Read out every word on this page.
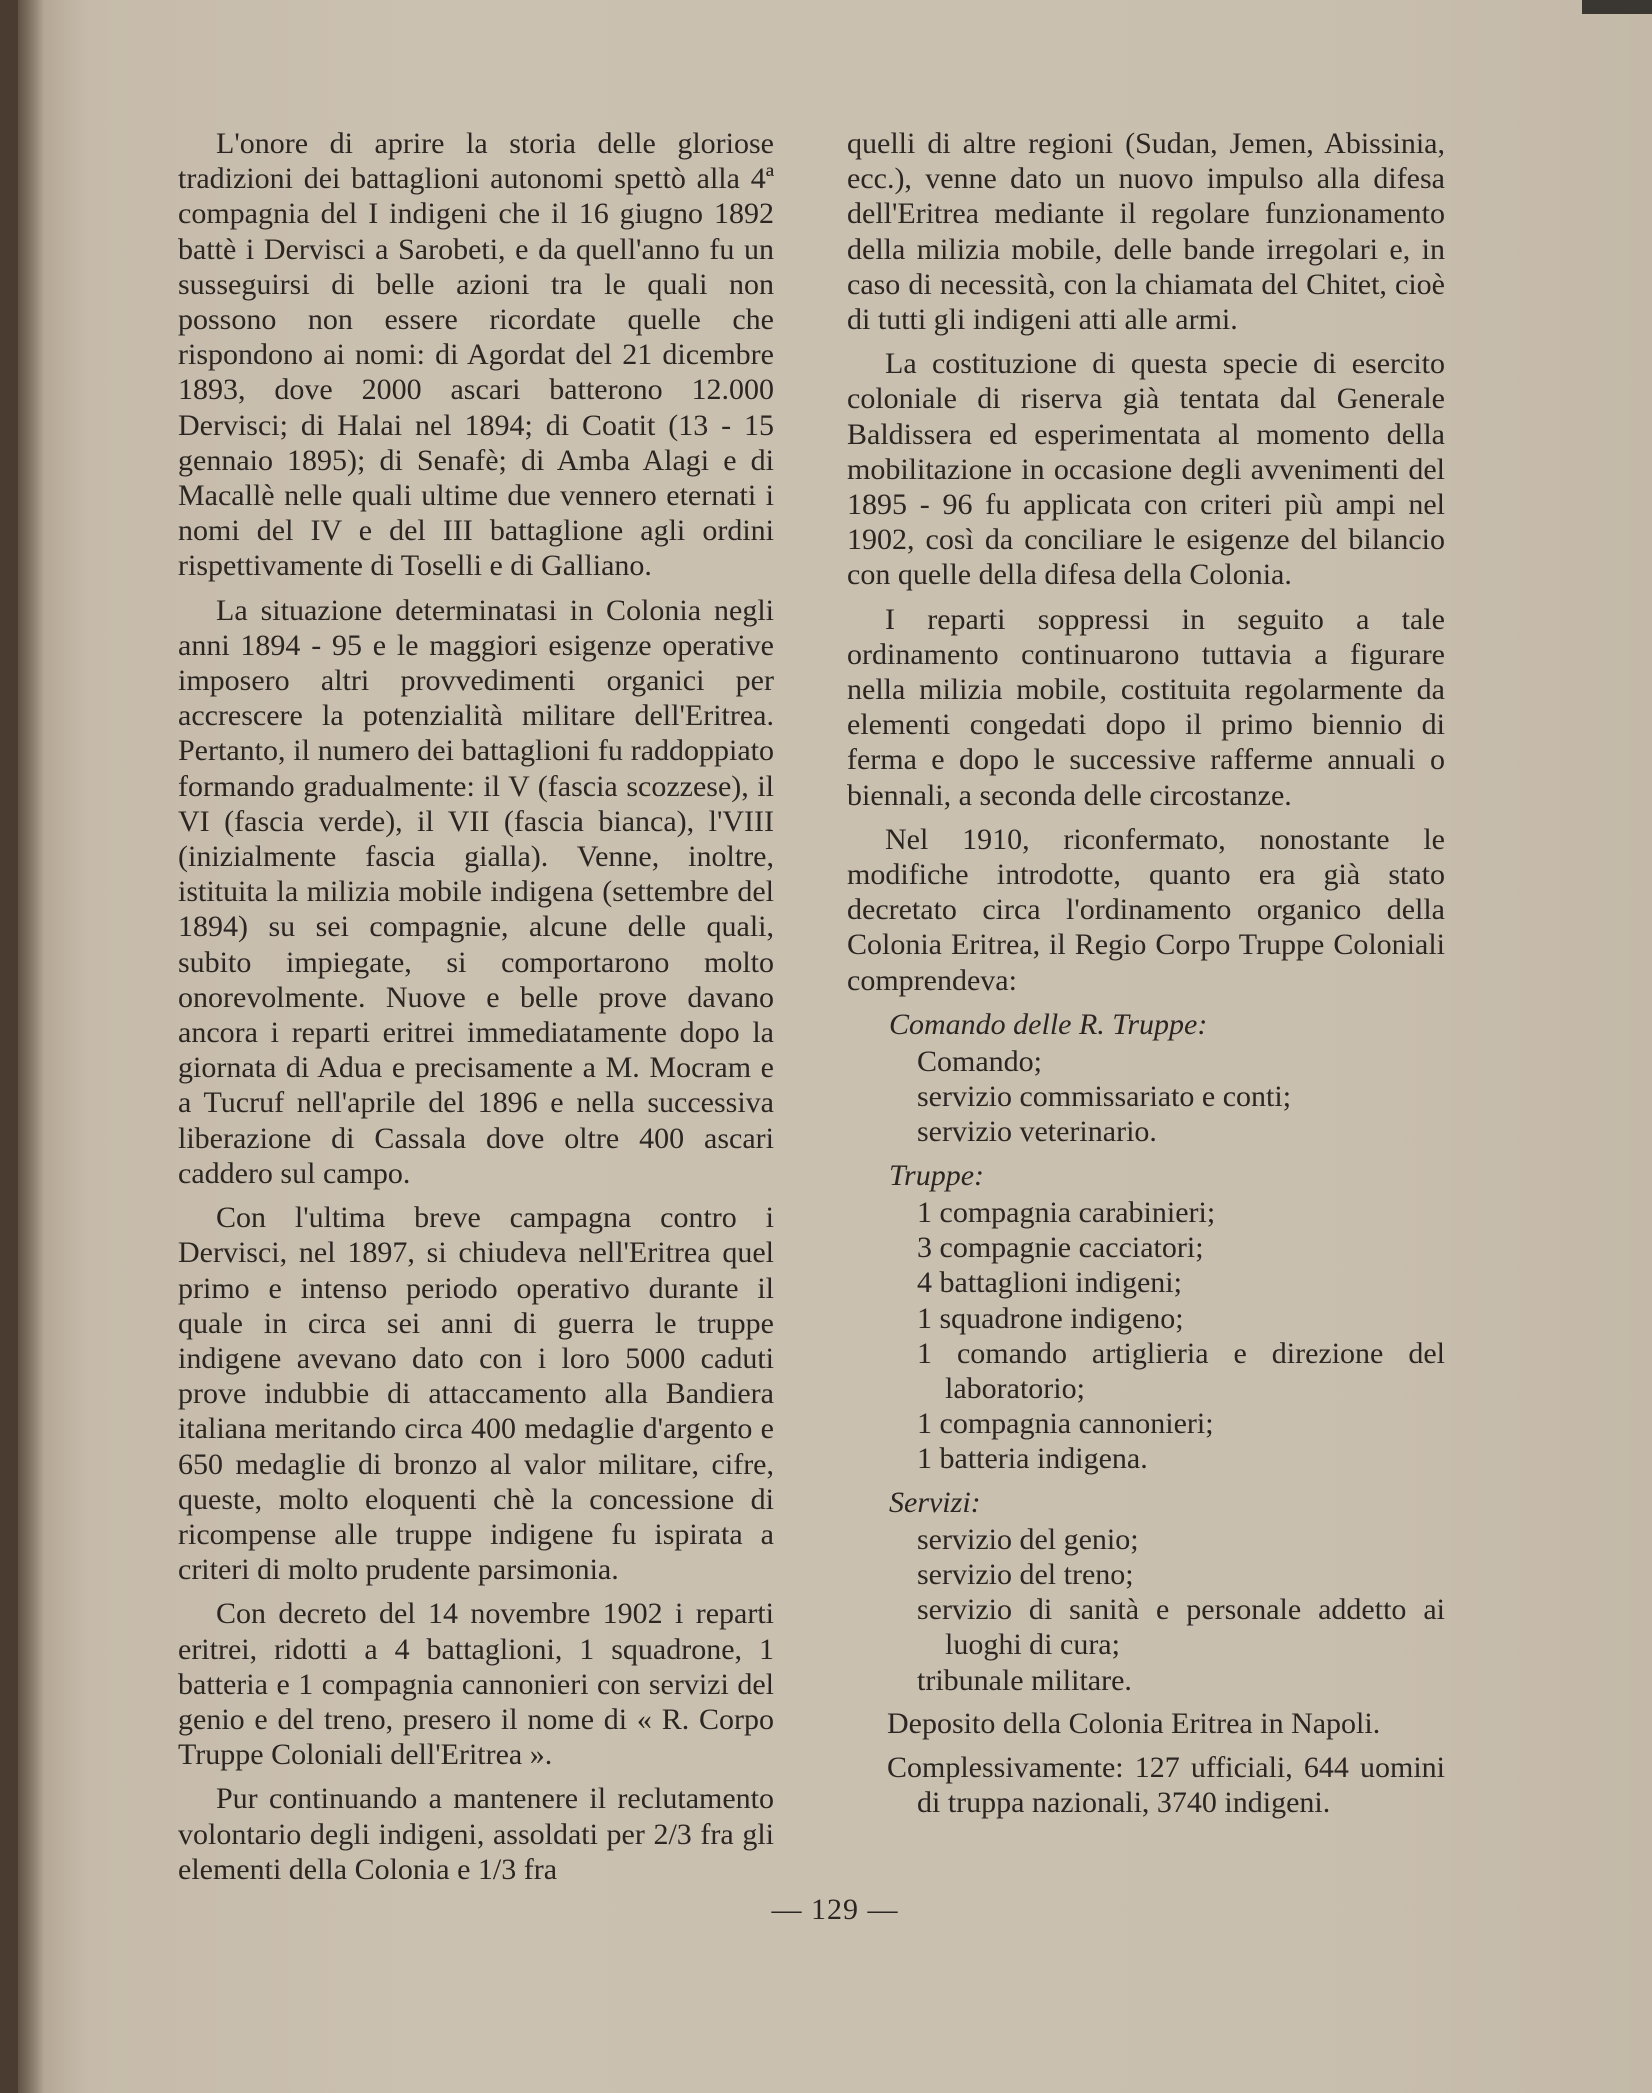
L'onore di aprire la storia delle gloriose tradizioni dei battaglioni autonomi spettò alla 4ª compagnia del I indigeni che il 16 giugno 1892 battè i Dervisci a Sarobeti, e da quell'anno fu un susseguirsi di belle azioni tra le quali non possono non essere ricordate quelle che rispondono ai nomi: di Agordat del 21 dicembre 1893, dove 2000 ascari batterono 12.000 Dervisci; di Halai nel 1894; di Coatit (13 - 15 gennaio 1895); di Senafè; di Amba Alagi e di Macallè nelle quali ultime due vennero eternati i nomi del IV e del III battaglione agli ordini rispettivamente di Toselli e di Galliano.

La situazione determinatasi in Colonia negli anni 1894 - 95 e le maggiori esigenze operative imposero altri provvedimenti organici per accrescere la potenzialità militare dell'Eritrea. Pertanto, il numero dei battaglioni fu raddoppiato formando gradualmente: il V (fascia scozzese), il VI (fascia verde), il VII (fascia bianca), l'VIII (inizialmente fascia gialla). Venne, inoltre, istituita la milizia mobile indigena (settembre del 1894) su sei compagnie, alcune delle quali, subito impiegate, si comportarono molto onorevolmente. Nuove e belle prove davano ancora i reparti eritrei immediatamente dopo la giornata di Adua e precisamente a M. Mocram e a Tucruf nell'aprile del 1896 e nella successiva liberazione di Cassala dove oltre 400 ascari caddero sul campo.

Con l'ultima breve campagna contro i Dervisci, nel 1897, si chiudeva nell'Eritrea quel primo e intenso periodo operativo durante il quale in circa sei anni di guerra le truppe indigene avevano dato con i loro 5000 caduti prove indubbie di attaccamento alla Bandiera italiana meritando circa 400 medaglie d'argento e 650 medaglie di bronzo al valor militare, cifre, queste, molto eloquenti chè la concessione di ricompense alle truppe indigene fu ispirata a criteri di molto prudente parsimonia.

Con decreto del 14 novembre 1902 i reparti eritrei, ridotti a 4 battaglioni, 1 squadrone, 1 batteria e 1 compagnia cannonieri con servizi del genio e del treno, presero il nome di « R. Corpo Truppe Coloniali dell'Eritrea ».

Pur continuando a mantenere il reclutamento volontario degli indigeni, assoldati per 2/3 fra gli elementi della Colonia e 1/3 fra

quelli di altre regioni (Sudan, Jemen, Abissinia, ecc.), venne dato un nuovo impulso alla difesa dell'Eritrea mediante il regolare funzionamento della milizia mobile, delle bande irregolari e, in caso di necessità, con la chiamata del Chitet, cioè di tutti gli indigeni atti alle armi.

La costituzione di questa specie di esercito coloniale di riserva già tentata dal Generale Baldissera ed esperimentata al momento della mobilitazione in occasione degli avvenimenti del 1895 - 96 fu applicata con criteri più ampi nel 1902, così da conciliare le esigenze del bilancio con quelle della difesa della Colonia.

I reparti soppressi in seguito a tale ordinamento continuarono tuttavia a figurare nella milizia mobile, costituita regolarmente da elementi congedati dopo il primo biennio di ferma e dopo le successive rafferme annuali o biennali, a seconda delle circostanze.

Nel 1910, riconfermato, nonostante le modifiche introdotte, quanto era già stato decretato circa l'ordinamento organico della Colonia Eritrea, il Regio Corpo Truppe Coloniali comprendeva:

Comando delle R. Truppe:
Comando;
servizio commissariato e conti;
servizio veterinario.
Truppe:
1 compagnia carabinieri;
3 compagnie cacciatori;
4 battaglioni indigeni;
1 squadrone indigeno;
1 comando artiglieria e direzione del laboratorio;
1 compagnia cannonieri;
1 batteria indigena.
Servizi:
servizio del genio;
servizio del treno;
servizio di sanità e personale addetto ai luoghi di cura;
tribunale militare.

Deposito della Colonia Eritrea in Napoli.

Complessivamente: 127 ufficiali, 644 uomini di truppa nazionali, 3740 indigeni.

— 129 —
